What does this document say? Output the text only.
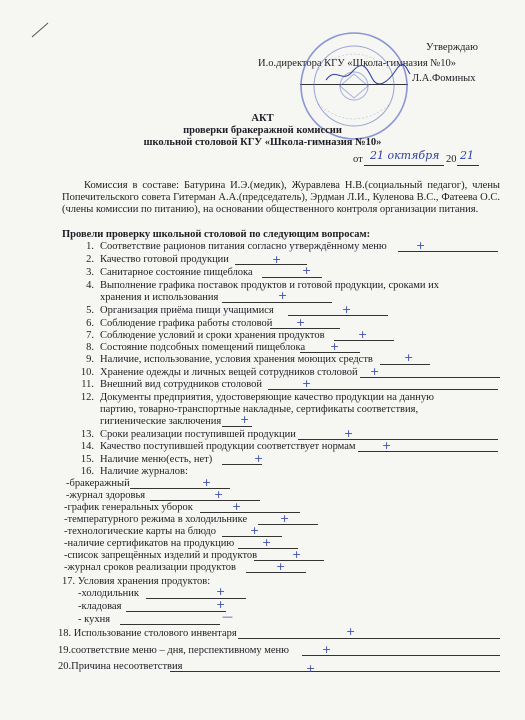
Утверждаю
И.о.директора КГУ «Школа-гимназия №10»
Л.А.Фоминых
АКТ
проверки бракеражной комиссии
школьной столовой КГУ «Школа-гимназия №10»
от 21 октября 20 21
Комиссия в составе: Батурина И.Э.(медик), Журавлева Н.В.(социальный педагог), члены Попечительского совета Гитерман А.А.(председатель), Эрдман Л.И., Куленова В.С., Фатеева О.С. (члены комиссии по питанию), на основании общественного контроля организации питания.
Провели проверку школьной столовой по следующим вопросам:
1. Соответствие рационов питания согласно утверждённому меню	+
2. Качество готовой продукции	+
3. Санитарное состояние пищеблока	+
4. Выполнение графика поставок продуктов и готовой продукции, сроками их
хранения и использования	+
5. Организация приёма пищи учащимися	+
6. Соблюдение графика работы столовой +
7. Соблюдение условий и сроки хранения продуктов	+
8. Состояние подсобных помещений пищеблока +
9. Наличие, использование, условия хранения моющих средств	+
10. Хранение одежды и личных вещей сотрудников столовой +
11. Внешний вид сотрудников столовой	+
12. Документы предприятия, удостоверяющие качество продукции на данную
партию, товарно-транспортные накладные, сертификаты соответствия,
гигиенические заключения +
13. Сроки реализации поступившей продукции	+
14. Качество поступившей продукции соответствует нормам +
15. Наличие меню(есть, нет)	+
16. Наличие журналов:
-бракеражный	+
-журнал здоровья	+
-график генеральных уборок	+
-температурного режима в холодильнике	+
-технологические карты на блюдо	+
-наличие сертификатов на продукцию	+
-список запрещённых изделий и продуктов	+
-журнал сроков реализации продуктов	+
17. Условия хранения продуктов:
-холодильник	+
-кладовая	+
- кухня	—
18. Использование столового инвентаря	+
19.соответствие меню – дня, перспективному меню	+
20.Причина несоответствия	+
